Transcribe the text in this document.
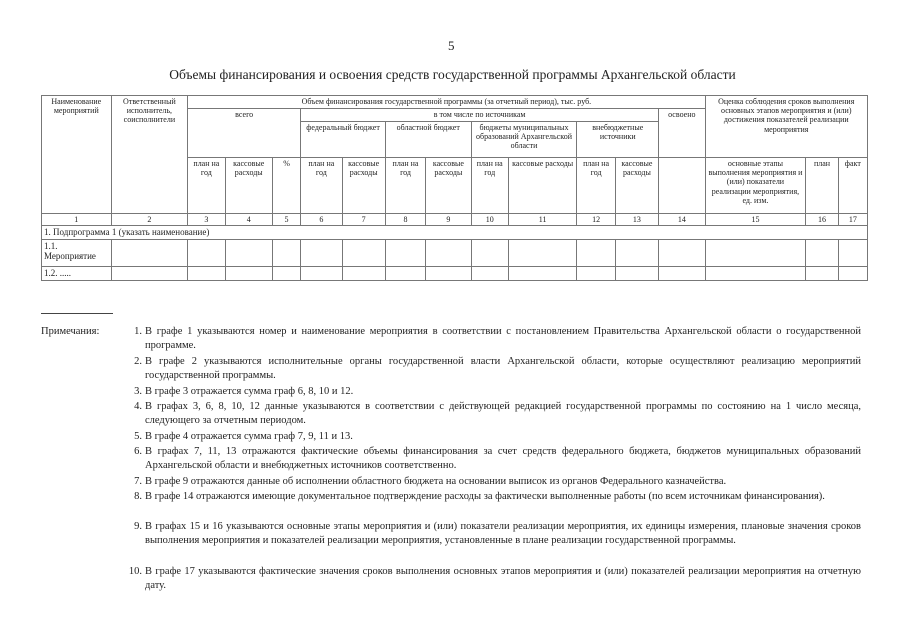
5
Объемы финансирования и освоения средств государственной программы Архангельской области
Наименование мероприятий	Ответственный исполнитель, соисполнители	Объем финансирования государственной программы (за отчетный период), тыс. руб.												Оценка соблюдения сроков выполнения основных этапов мероприятия и (или) достижения показателей реализации мероприятия		
		всего			в том числе по источникам								освоено			
					федеральный бюджет		областной бюджет		бюджеты муниципальных образований Архангельской области		внебюджетные источники					
		план на год	кассовые расходы	%	план на год	кассовые расходы	план на год	кассовые расходы	план на год	кассовые расходы	план на год	кассовые расходы		основные этапы выполнения мероприятия и (или) показатели реализации мероприятия, ед. изм.	план	факт
1	2	3	4	5	6	7	8	9	10	11	12	13	14	15	16	17
1. Подпрограмма 1 (указать наименование)																
1.1. Мероприятие																
1.2. .....																
Примечания:	1. В графе 1 указываются номер и наименование мероприятия в соответствии с постановлением Правительства Архангельской области о государственной программе.
2. В графе 2 указываются исполнительные органы государственной власти Архангельской области, которые осуществляют реализацию мероприятий государственной программы.
3. В графе 3 отражается сумма граф 6, 8, 10 и 12.
4. В графах 3, 6, 8, 10, 12 данные указываются в соответствии с действующей редакцией государственной программы по состоянию на 1 число месяца, следующего за отчетным периодом.
5. В графе 4 отражается сумма граф 7, 9, 11 и 13.
6. В графах 7, 11, 13 отражаются фактические объемы финансирования за счет средств федерального бюджета, бюджетов муниципальных образований Архангельской области и внебюджетных источников соответственно.
7. В графе 9 отражаются данные об исполнении областного бюджета на основании выписок из органов Федерального казначейства.
8. В графе 14 отражаются имеющие документальное подтверждение расходы за фактически выполненные работы (по всем источникам финансирования).
9. В графах 15 и 16 указываются основные этапы мероприятия и (или) показатели реализации мероприятия, их единицы измерения, плановые значения сроков выполнения мероприятия и показателей реализации мероприятия, установленные в плане реализации государственной программы.
10. В графе 17 указываются фактические значения сроков выполнения основных этапов мероприятия и (или) показателей реализации мероприятия на отчетную дату.
